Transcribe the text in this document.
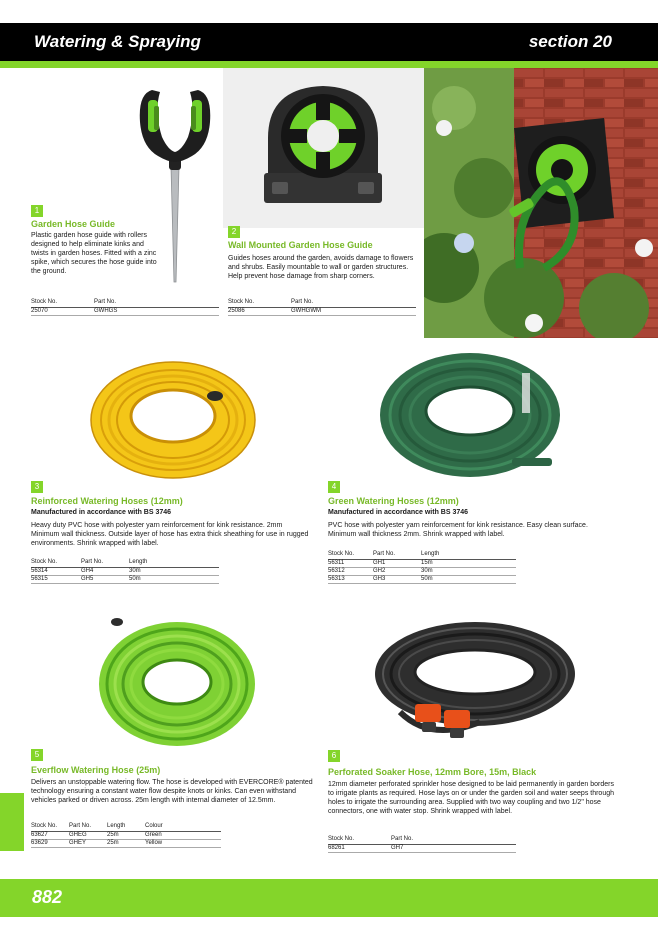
Watering & Spraying	section 20
1
Garden Hose Guide
Plastic garden hose guide with rollers designed to help eliminate kinks and twists in garden hoses. Fitted with a zinc spike, which secures the hose guide into the ground.
Stock No.	Part No.
25070	GWHGS
2
Wall Mounted Garden Hose Guide
Guides hoses around the garden, avoids damage to flowers and shrubs. Easily mountable to wall or garden structures. Help prevent hose damage from sharp corners.
Stock No.	Part No.
25086	GWHGWM
3
Reinforced Watering Hoses (12mm)
Manufactured in accordance with BS 3746
Heavy duty PVC hose with polyester yarn reinforcement for kink resistance. 2mm Minimum wall thickness. Outside layer of hose has extra thick sheathing for use in rugged environments. Shrink wrapped with label.
Stock No.	Part No.	Length
56314	GH4	30m
56315	GH5	50m
4
Green Watering Hoses (12mm)
Manufactured in accordance with BS 3746
PVC hose with polyester yarn reinforcement for kink resistance. Easy clean surface. Minimum wall thickness 2mm. Shrink wrapped with label.
Stock No.	Part No.	Length
56311	GH1	15m
56312	GH2	30m
56313	GH3	50m
5
Everflow Watering Hose (25m)
Delivers an unstoppable watering flow. The hose is developed with EVERCORE® patented technology ensuring a constant water flow despite knots or kinks. Can even withstand vehicles parked or driven across. 25m length with internal diameter of 12.5mm.
Stock No.	Part No.	Length	Colour
63627	GHEG	25m	Green
63629	GHEY	25m	Yellow
6
Perforated Soaker Hose, 12mm Bore, 15m, Black
12mm diameter perforated sprinkler hose designed to be laid permanently in garden borders to irrigate plants as required. Hose lays on or under the garden soil and water seeps through holes to irrigate the surrounding area. Supplied with two way coupling and two 1/2" hose connectors, one with water stop. Shrink wrapped with label.
Stock No.	Part No.
68261	GH7
882
